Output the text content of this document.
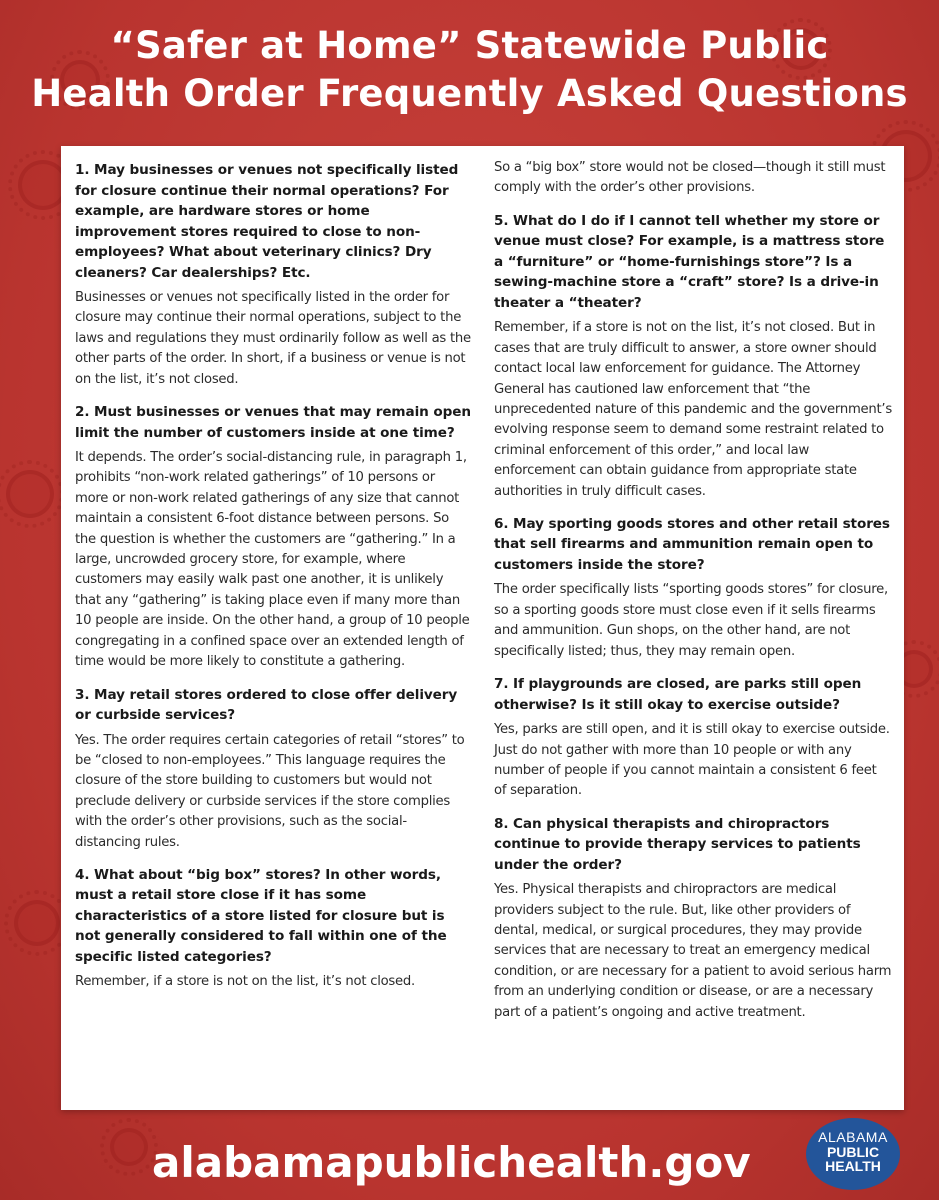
“Safer at Home” Statewide Public
Health Order Frequently Asked Questions

1. May businesses or venues not specifically listed for closure continue their normal operations? For example, are hardware stores or home improvement stores required to close to non-employees? What about veterinary clinics? Dry cleaners? Car dealerships? Etc.

Businesses or venues not specifically listed in the order for closure may continue their normal operations, subject to the laws and regulations they must ordinarily follow as well as the other parts of the order. In short, if a business or venue is not on the list, it’s not closed.

2. Must businesses or venues that may remain open limit the number of customers inside at one time?

It depends. The order’s social-distancing rule, in paragraph 1, prohibits “non-work related gatherings” of 10 persons or more or non-work related gatherings of any size that cannot maintain a consistent 6-foot distance between persons. So the question is whether the customers are “gathering.” In a large, uncrowded grocery store, for example, where customers may easily walk past one another, it is unlikely that any “gathering” is taking place even if many more than 10 people are inside. On the other hand, a group of 10 people congregating in a confined space over an extended length of time would be more likely to constitute a gathering.

3. May retail stores ordered to close offer delivery or curbside services?

Yes. The order requires certain categories of retail “stores” to be “closed to non-employees.” This language requires the closure of the store building to customers but would not preclude delivery or curbside services if the store complies with the order’s other provisions, such as the social-distancing rules.

4. What about “big box” stores? In other words, must a retail store close if it has some characteristics of a store listed for closure but is not generally considered to fall within one of the specific listed categories?

Remember, if a store is not on the list, it’s not closed.

So a “big box” store would not be closed—though it still must comply with the order’s other provisions.

5. What do I do if I cannot tell whether my store or venue must close? For example, is a mattress store a “furniture” or “home-furnishings store”? Is a sewing-machine store a “craft” store? Is a drive-in theater a “theater?

Remember, if a store is not on the list, it’s not closed. But in cases that are truly difficult to answer, a store owner should contact local law enforcement for guidance. The Attorney General has cautioned law enforcement that “the unprecedented nature of this pandemic and the government’s evolving response seem to demand some restraint related to criminal enforcement of this order,” and local law enforcement can obtain guidance from appropriate state authorities in truly difficult cases.

6. May sporting goods stores and other retail stores that sell firearms and ammunition remain open to customers inside the store?

The order specifically lists “sporting goods stores” for closure, so a sporting goods store must close even if it sells firearms and ammunition. Gun shops, on the other hand, are not specifically listed; thus, they may remain open.

7. If playgrounds are closed, are parks still open otherwise? Is it still okay to exercise outside?

Yes, parks are still open, and it is still okay to exercise outside. Just do not gather with more than 10 people or with any number of people if you cannot maintain a consistent 6 feet of separation.

8. Can physical therapists and chiropractors continue to provide therapy services to patients under the order?

Yes. Physical therapists and chiropractors are medical providers subject to the rule. But, like other providers of dental, medical, or surgical procedures, they may provide services that are necessary to treat an emergency medical condition, or are necessary for a patient to avoid serious harm from an underlying condition or disease, or are a necessary part of a patient’s ongoing and active treatment.

alabamapublichealth.gov
ALABAMA
PUBLIC
HEALTH
